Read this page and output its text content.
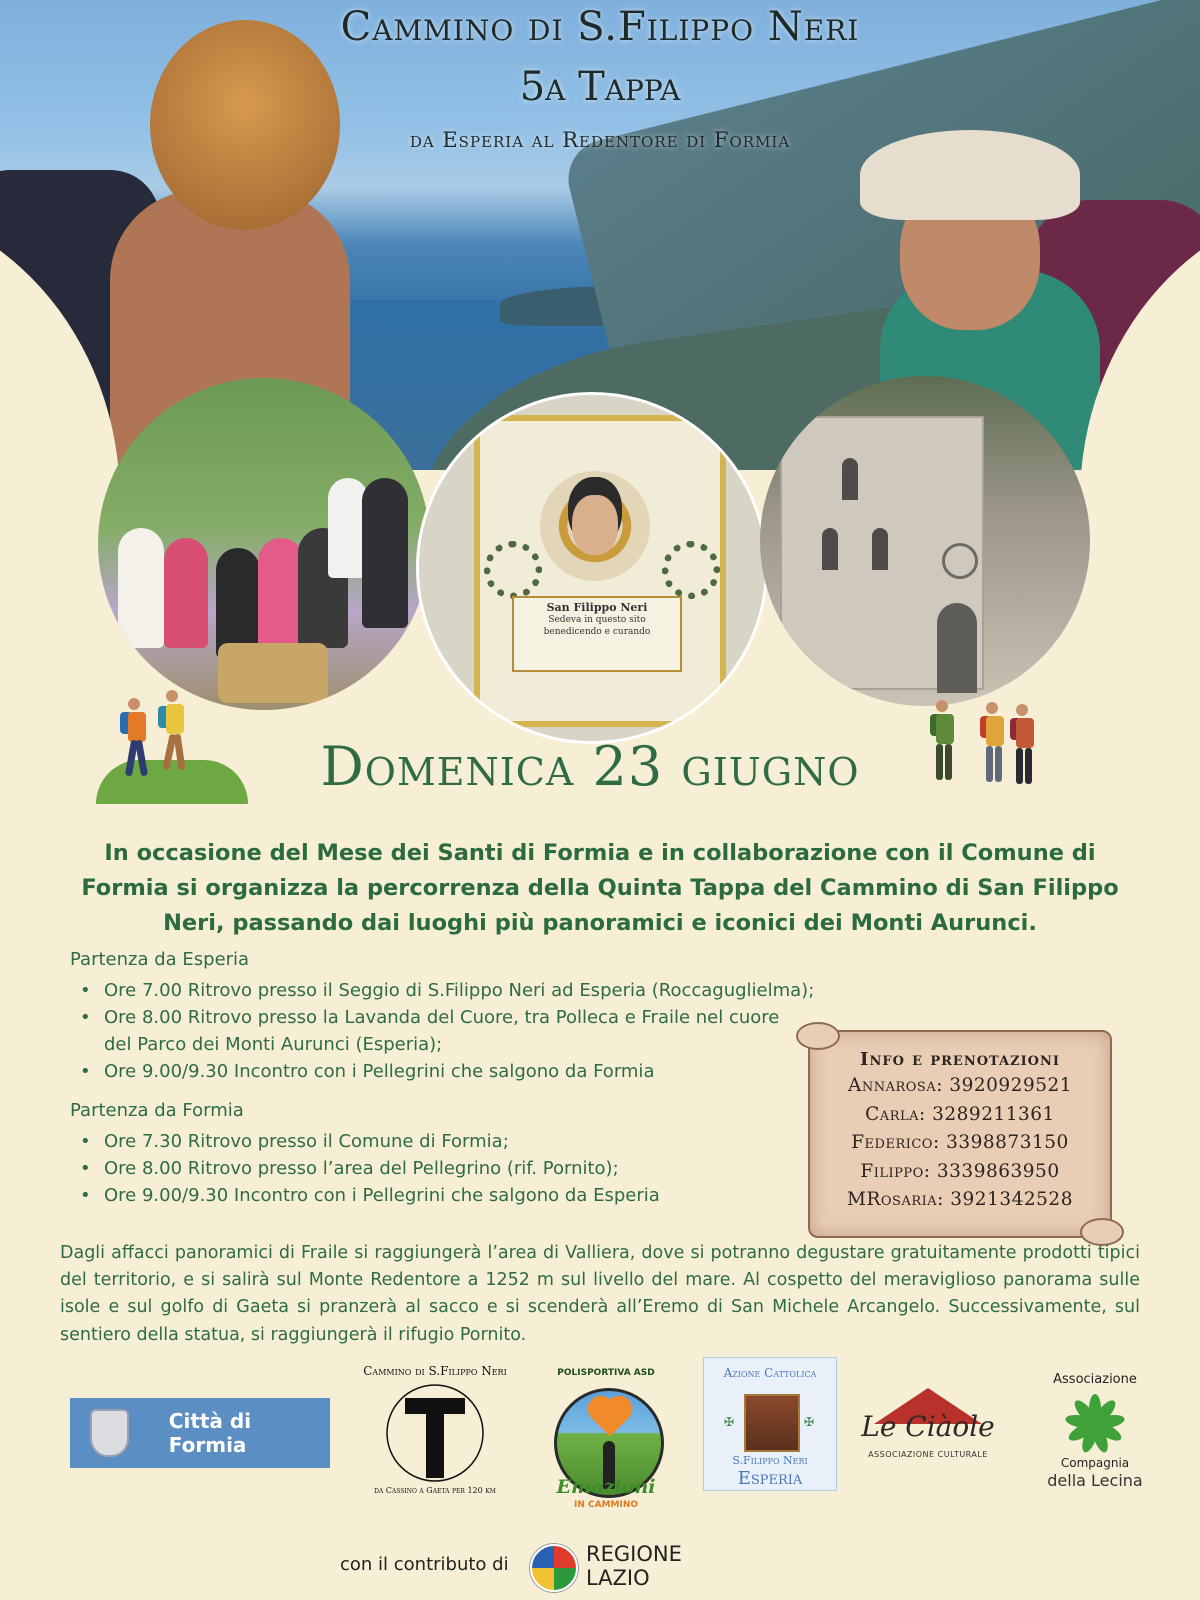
Cammino di S.Filippo Neri
5a Tappa
da Esperia al Redentore di Formia
San Filippo Neri
Sedeva in questo sito
benedicendo e curando
Domenica 23 giugno
In occasione del Mese dei Santi di Formia e in collaborazione con il Comune di Formia si organizza la percorrenza della Quinta Tappa del Cammino di San Filippo Neri, passando dai luoghi più panoramici e iconici dei Monti Aurunci.
Partenza da Esperia
• Ore 7.00 Ritrovo presso il Seggio di S.Filippo Neri ad Esperia (Roccaguglielma);
• Ore 8.00 Ritrovo presso la Lavanda del Cuore, tra Polleca e Fraile nel cuore del Parco dei Monti Aurunci (Esperia);
• Ore 9.00/9.30 Incontro con i Pellegrini che salgono da Formia
Partenza da Formia
• Ore 7.30 Ritrovo presso il Comune di Formia;
• Ore 8.00 Ritrovo presso l’area del Pellegrino (rif. Pornito);
• Ore 9.00/9.30 Incontro con i Pellegrini che salgono da Esperia
Info e prenotazioni
Annarosa: 3920929521
Carla: 3289211361
Federico: 3398873150
Filippo: 3339863950
MRosaria: 3921342528
Dagli affacci panoramici di Fraile si raggiungerà l’area di Valliera, dove si potranno degustare gratuitamente prodotti tipici del territorio, e si salirà sul Monte Redentore a 1252 m sul livello del mare. Al cospetto del meraviglioso panorama sulle isole e sul golfo di Gaeta si pranzerà al sacco e si scenderà all’Eremo di San Michele Arcangelo. Successivamente, sul sentiero della statua, si raggiungerà il rifugio Pornito.
Città di Formia
Cammino di S.Filippo Neri
da Cassino a Gaeta per 120 km
POLISPORTIVA ASD
Emozioni
IN CAMMINO
Azione Cattolica
✠	✠
S.Filippo Neri
Esperia
Le Ciàole
ASSOCIAZIONE CULTURALE
Associazione
Compagnia
della Lecina
con il contributo di	REGIONE
LAZIO
